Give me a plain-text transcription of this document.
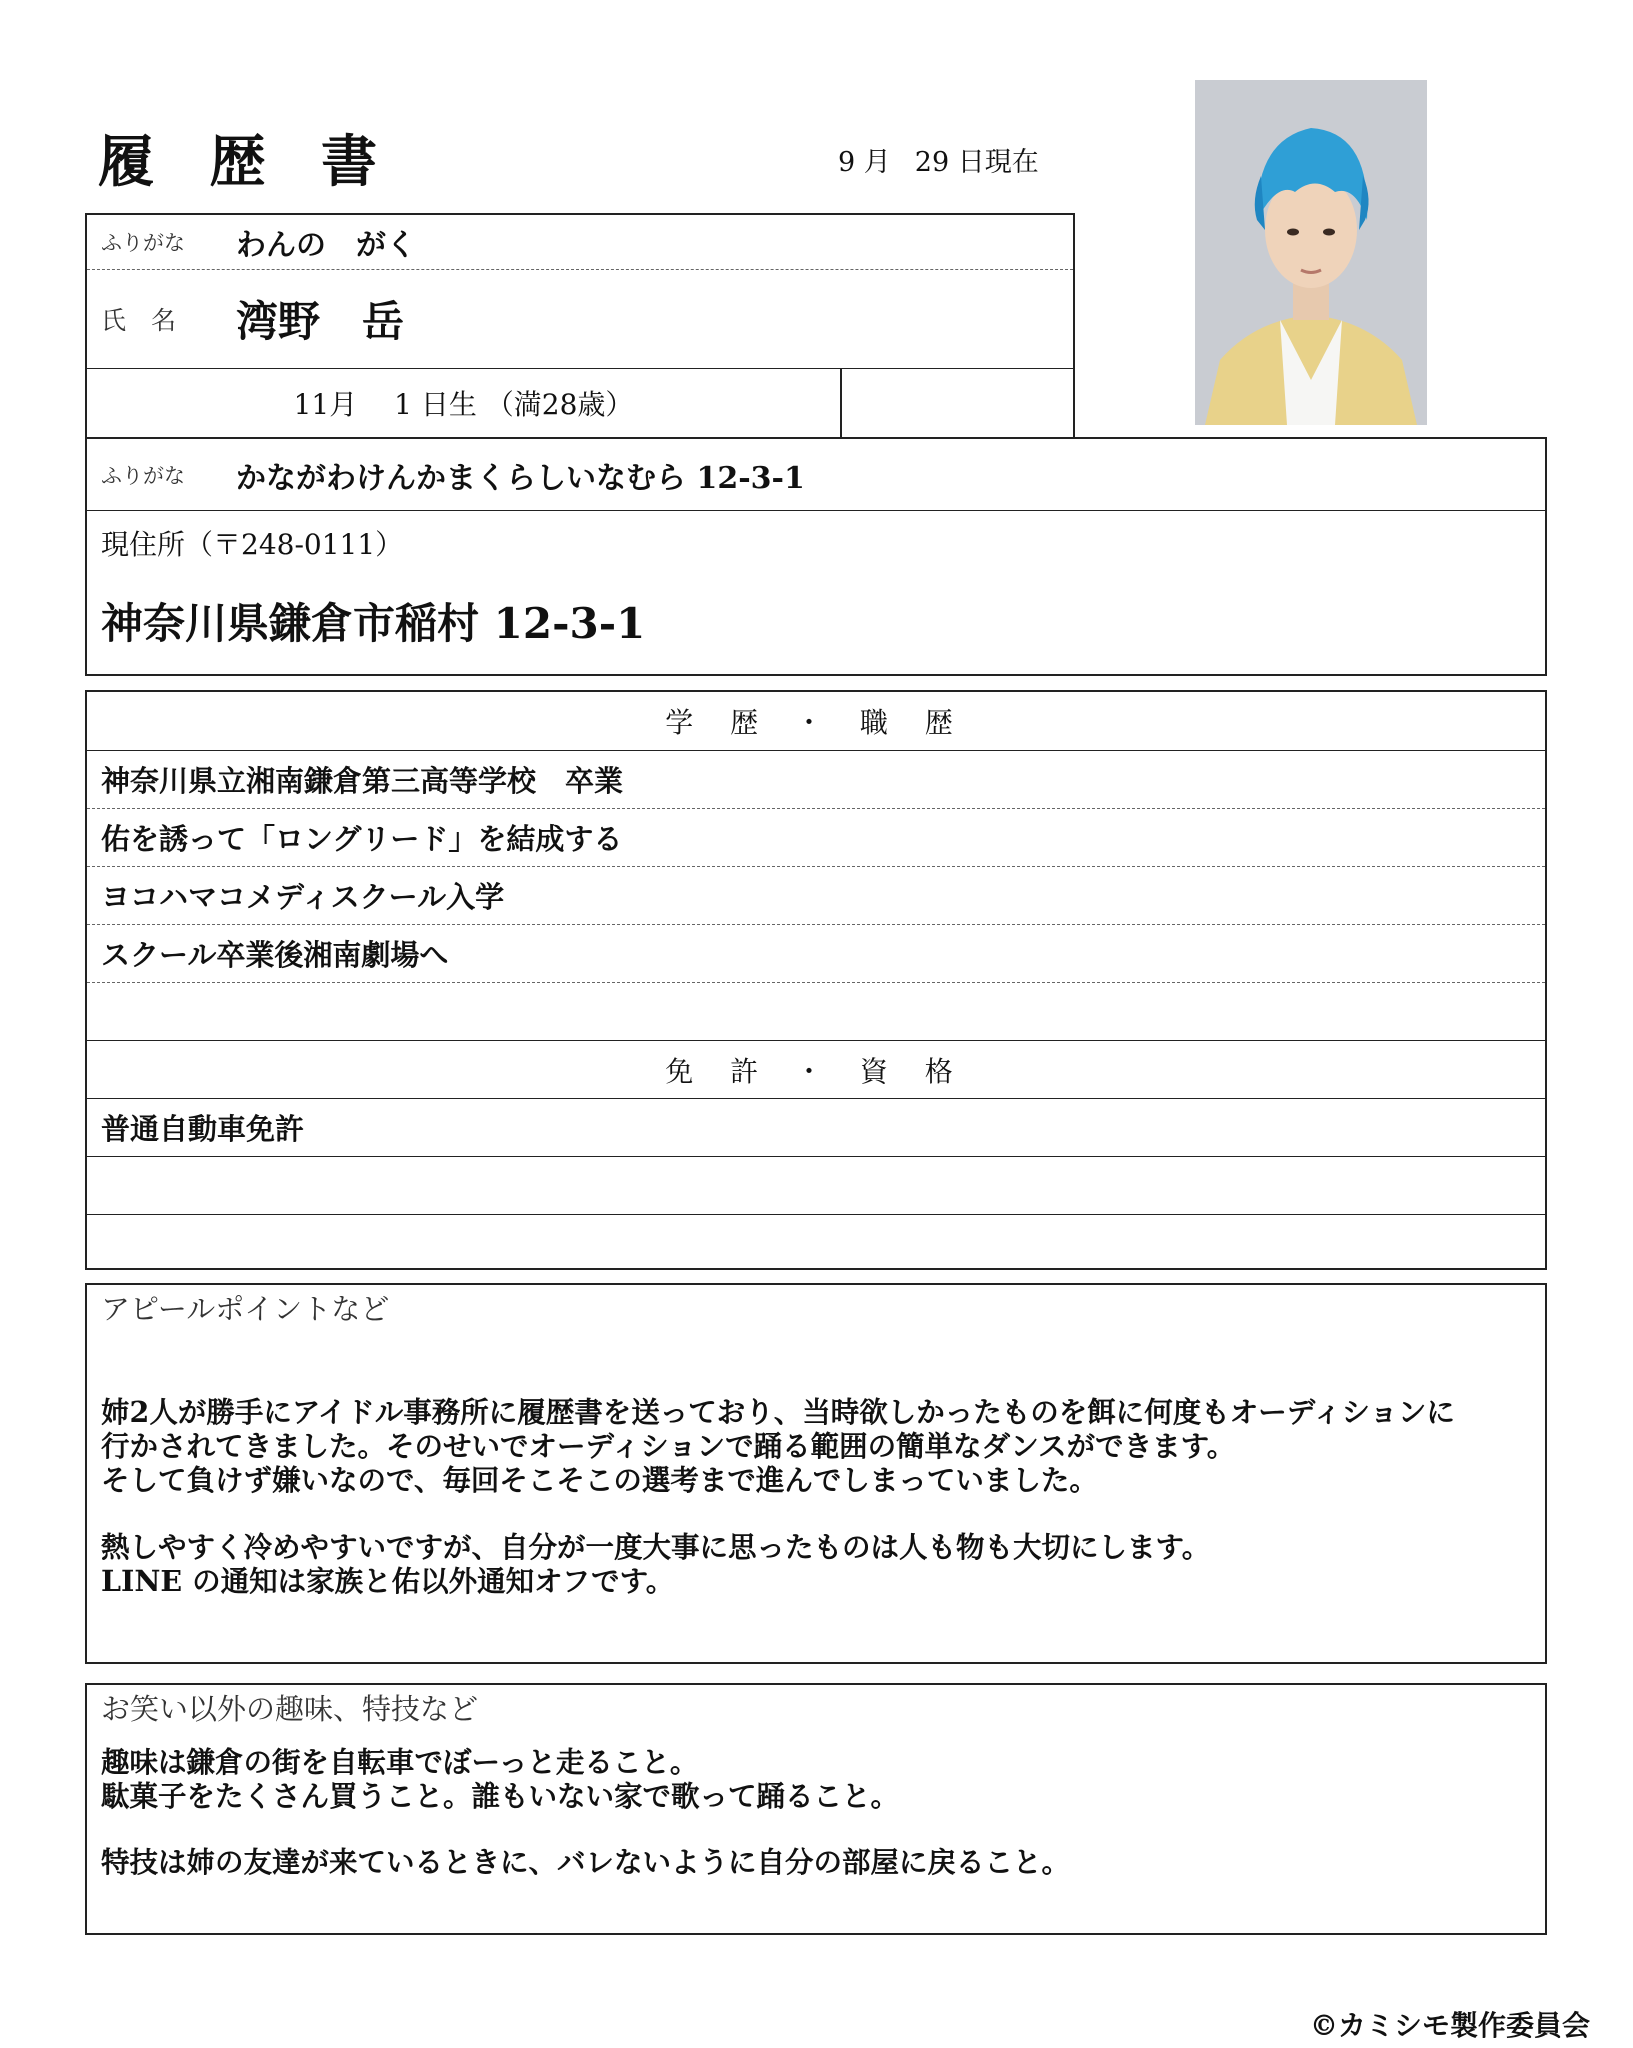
履 歴 書	9 月 29 日現在
ふりがな	わんの　がく
氏　名	湾野　岳
11月　 1 日生 （満28歳）
ふりがな	かながわけんかまくらしいなむら 12-3-1
現住所（〒248-0111）
神奈川県鎌倉市稲村 12-3-1
学 歴 ・ 職 歴
神奈川県立湘南鎌倉第三高等学校　卒業
佑を誘って「ロングリード」を結成する
ヨコハマコメディスクール入学
スクール卒業後湘南劇場へ
免 許 ・ 資 格
普通自動車免許
アピールポイントなど
姉2人が勝手にアイドル事務所に履歴書を送っており、当時欲しかったものを餌に何度もオーディションに
行かされてきました。そのせいでオーディションで踊る範囲の簡単なダンスができます。
そして負けず嫌いなので、毎回そこそこの選考まで進んでしまっていました。
熱しやすく冷めやすいですが、自分が一度大事に思ったものは人も物も大切にします。
LINE の通知は家族と佑以外通知オフです。
お笑い以外の趣味、特技など
趣味は鎌倉の街を自転車でぼーっと走ること。
駄菓子をたくさん買うこと。誰もいない家で歌って踊ること。
特技は姉の友達が来ているときに、バレないように自分の部屋に戻ること。
©カミシモ製作委員会
